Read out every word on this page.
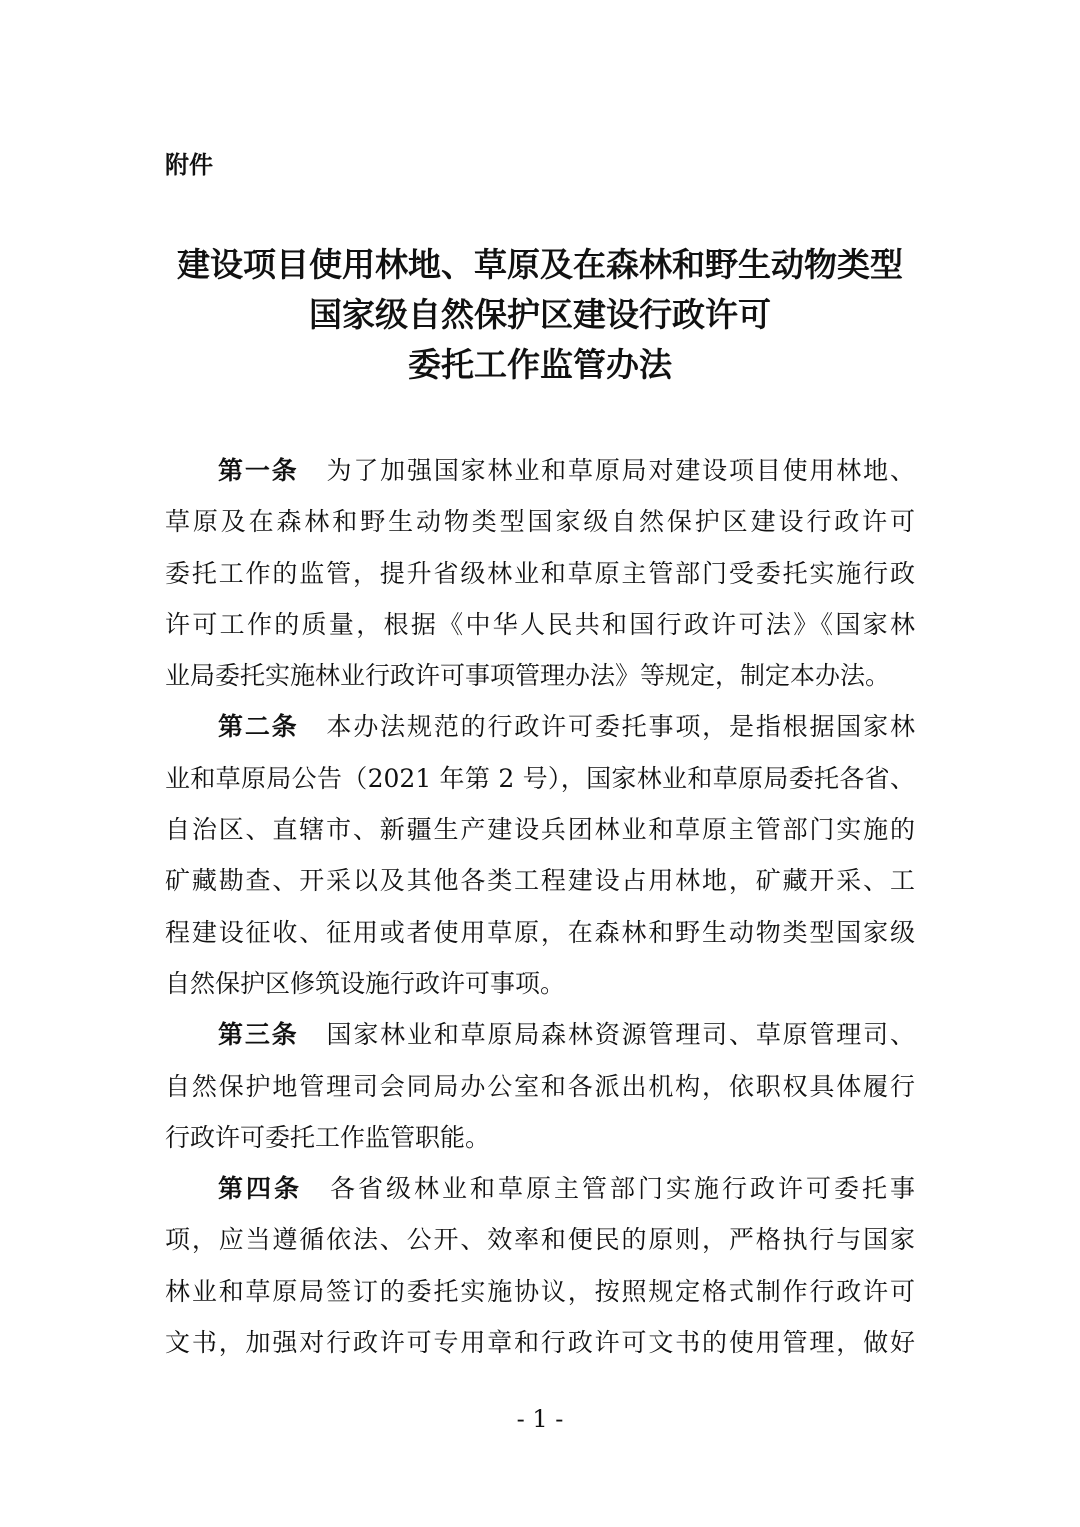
附件
建设项目使用林地、草原及在森林和野生动物类型
国家级自然保护区建设行政许可
委托工作监管办法
第一条 为了加强国家林业和草原局对建设项目使用林地、
草原及在森林和野生动物类型国家级自然保护区建设行政许可
委托工作的监管，提升省级林业和草原主管部门受委托实施行政
许可工作的质量，根据《中华人民共和国行政许可法》《国家林
业局委托实施林业行政许可事项管理办法》等规定，制定本办法。
第二条 本办法规范的行政许可委托事项，是指根据国家林
业和草原局公告（2021 年第 2 号），国家林业和草原局委托各省、
自治区、直辖市、新疆生产建设兵团林业和草原主管部门实施的
矿藏勘查、开采以及其他各类工程建设占用林地，矿藏开采、工
程建设征收、征用或者使用草原，在森林和野生动物类型国家级
自然保护区修筑设施行政许可事项。
第三条 国家林业和草原局森林资源管理司、草原管理司、
自然保护地管理司会同局办公室和各派出机构，依职权具体履行
行政许可委托工作监管职能。
第四条 各省级林业和草原主管部门实施行政许可委托事
项，应当遵循依法、公开、效率和便民的原则，严格执行与国家
林业和草原局签订的委托实施协议，按照规定格式制作行政许可
文书，加强对行政许可专用章和行政许可文书的使用管理，做好
- 1 -
